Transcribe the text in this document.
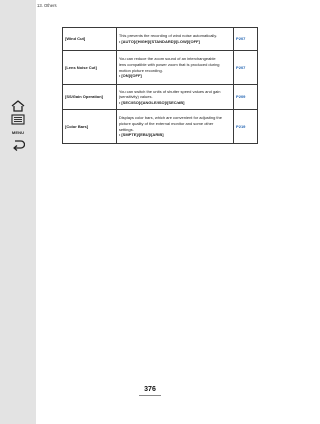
MENU
13. Others
[Wind Cut]	This prevents the recording of wind noise automatically.
• [AUTO]/[HIGH]/[STANDARD]/[LOW]/[OFF]	P207
[Lens Noise Cut]	You can reduce the zoom sound of an interchangeable
lens compatible with power zoom that is produced during
motion picture recording.
• [ON]/[OFF]	P207
[SS/Gain Operation]	You can switch the units of shutter speed values and gain
(sensitivity) values.
• [SEC/ISO]/[ANGLE/ISO]/[SEC/dB]	P209
[Color Bars]	Displays color bars, which are convenient for adjusting the
picture quality of the external monitor and some other
settings.
• [SMPTE]/[EBU]/[ARIB]	P219
376
